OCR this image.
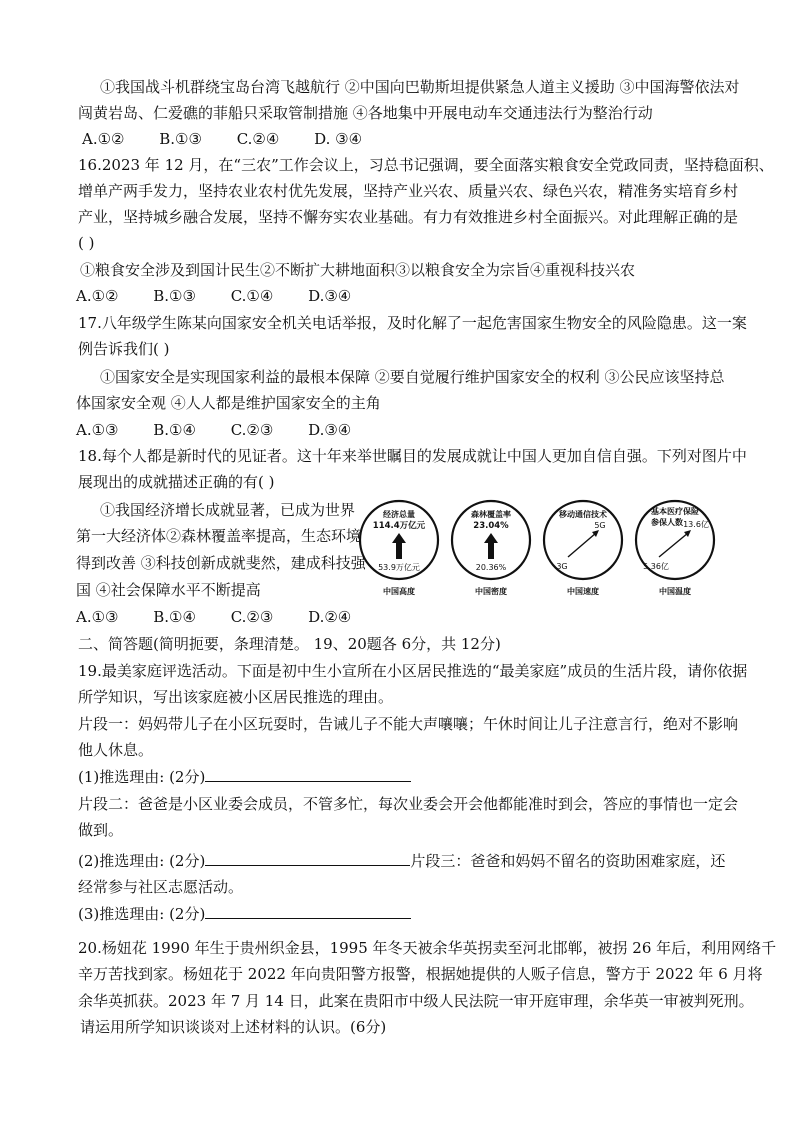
①我国战斗机群绕宝岛台湾飞越航行 ②中国向巴勒斯坦提供紧急人道主义援助 ③中国海警依法对
闯黄岩岛、仁爱礁的菲船只采取管制措施 ④各地集中开展电动车交通违法行为整治行动
A.①②　　 B.①③　　 C.②④　　 D. ③④
16.2023 年 12 月，在“三农”工作会议上，习总书记强调，要全面落实粮食安全党政同责，坚持稳面积、
增单产两手发力，坚持农业农村优先发展，坚持产业兴农、质量兴农、绿色兴农，精准务实培育乡村
产业，坚持城乡融合发展，坚持不懈夯实农业基础。有力有效推进乡村全面振兴。对此理解正确的是
( )
①粮食安全涉及到国计民生②不断扩大耕地面积③以粮食安全为宗旨④重视科技兴农
A.①②　　 B.①③　　 C.①④　　 D.③④
17.八年级学生陈某向国家安全机关电话举报，及时化解了一起危害国家生物安全的风险隐患。这一案
例告诉我们( )
①国家安全是实现国家利益的最根本保障 ②要自觉履行维护国家安全的权利 ③公民应该坚持总
体国家安全观 ④人人都是维护国家安全的主角
A.①③　　 B.①④　　 C.②③　　 D.③④
18.每个人都是新时代的见证者。这十年来举世瞩目的发展成就让中国人更加自信自强。下列对图片中
展现出的成就描述正确的有( )
①我国经济增长成就显著，已成为世界
第一大经济体②森林覆盖率提高，生态环境
得到改善 ③科技创新成就斐然，建成科技强
国 ④社会保障水平不断提高
A.①③　　 B.①④　　 C.②③　　 D.②④
经济总量
114.4万亿元
53.9万亿元
中国高度
森林覆盖率
23.04%
20.36%
中国密度
移动通信技术
5G
3G
中国速度
基本医疗保险
参保人数 13.6亿
5.36亿
中国温度
二、简答题(简明扼要，条理清楚。 19、20题各 6分，共 12分)
19.最美家庭评选活动。下面是初中生小宣所在小区居民推选的“最美家庭”成员的生活片段，请你依据
所学知识，写出该家庭被小区居民推选的理由。
片段一：妈妈带儿子在小区玩耍时，告诫儿子不能大声嚷嚷；午休时间让儿子注意言行，绝对不影响
他人休息。
(1)推选理由: (2分)
片段二：爸爸是小区业委会成员，不管多忙，每次业委会开会他都能准时到会，答应的事情也一定会
做到。
(2)推选理由: (2分)	片段三：爸爸和妈妈不留名的资助困难家庭，还
经常参与社区志愿活动。
(3)推选理由: (2分)
20.杨妞花 1990 年生于贵州织金县，1995 年冬天被余华英拐卖至河北邯郸，被拐 26 年后，利用网络千
辛万苦找到家。杨妞花于 2022 年向贵阳警方报警，根据她提供的人贩子信息，警方于 2022 年 6 月将
余华英抓获。2023 年 7 月 14 日，此案在贵阳市中级人民法院一审开庭审理，余华英一审被判死刑。
请运用所学知识谈谈对上述材料的认识。(6分)
